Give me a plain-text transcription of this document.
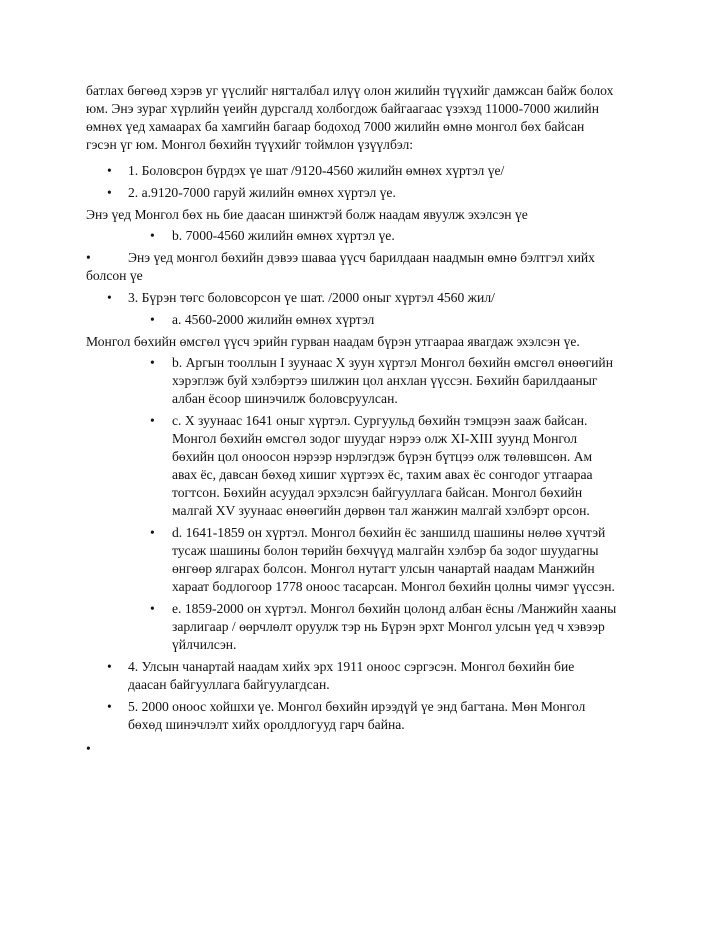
батлах бөгөөд хэрэв уг үүслийг нягталбал илүү олон жилийн түүхийг дамжсан байж болох
юм. Энэ зураг хүрлийн үеийн дурсгалд холбогдож байгаагаас үзэхэд 11000-7000 жилийн
өмнөх үед хамаарах ба хамгийн багаар бодоход 7000 жилийн өмнө монгол бөх байсан
гэсэн үг юм. Монгол бөхийн түүхийг тоймлон үзүүлбэл:
• 1. Боловсрон бүрдэх үе шат /9120-4560 жилийн өмнөх хүртэл үе/
• 2. a.9120-7000 гаруй жилийн өмнөх хүртэл үе.
Энэ үед Монгол бөх нь бие даасан шинжтэй болж наадам явуулж эхэлсэн үе
• b. 7000-4560 жилийн өмнөх хүртэл үе.
•	Энэ үед монгол бөхийн дэвээ шаваа үүсч барилдаан наадмын өмнө бэлтгэл хийх
болсон үе
• 3. Бүрэн төгс боловсорсон үе шат. /2000 оныг хүртэл 4560 жил/
• a. 4560-2000 жилийн өмнөх хүртэл
Монгол бөхийн өмсгөл үүсч эрийн гурван наадам бүрэн утгаараа явагдаж эхэлсэн үе.
• b. Аргын тооллын I зуунаас X зуун хүртэл Монгол бөхийн өмсгөл өнөөгийн
хэрэглэж буй хэлбэртээ шилжин цол анхлан үүссэн. Бөхийн барилдааныг
албан ёсоор шинэчилж боловсруулсан.
• c. X зуунаас 1641 оныг хүртэл. Сургуульд бөхийн тэмцээн зааж байсан.
Монгол бөхийн өмсгөл зодог шуудаг нэрээ олж XI-XIII зуунд Монгол
бөхийн цол оноосон нэрээр нэрлэгдэж бүрэн бүтцээ олж төлөвшсөн. Ам
авах ёс, давсан бөхөд хишиг хүртээх ёс, тахим авах ёс сонгодог утгаараа
тогтсон. Бөхийн асуудал эрхэлсэн байгууллага байсан. Монгол бөхийн
малгай XV зуунаас өнөөгийн дөрвөн тал жанжин малгай хэлбэрт орсон.
• d. 1641-1859 он хүртэл. Монгол бөхийн ёс заншилд шашины нөлөө хүчтэй
тусаж шашины болон төрийн бөхчүүд малгайн хэлбэр ба зодог шуудагны
өнгөөр ялгарах болсон. Монгол нутагт улсын чанартай наадам Манжийн
хараат бодлогоор 1778 оноос тасарсан. Монгол бөхийн цолны чимэг үүссэн.
• e. 1859-2000 он хүртэл. Монгол бөхийн цолонд албан ёсны /Манжийн хааны
зарлигаар / өөрчлөлт оруулж тэр нь Бүрэн эрхт Монгол улсын үед ч хэвээр
үйлчилсэн.
• 4. Улсын чанартай наадам хийх эрх 1911 оноос сэргэсэн. Монгол бөхийн бие
даасан байгууллага байгуулагдсан.
• 5. 2000 оноос хойшхи үе. Монгол бөхийн ирээдүй үе энд багтана. Мөн Монгол
бөхөд шинэчлэлт хийх оролдлогууд гарч байна.
•
